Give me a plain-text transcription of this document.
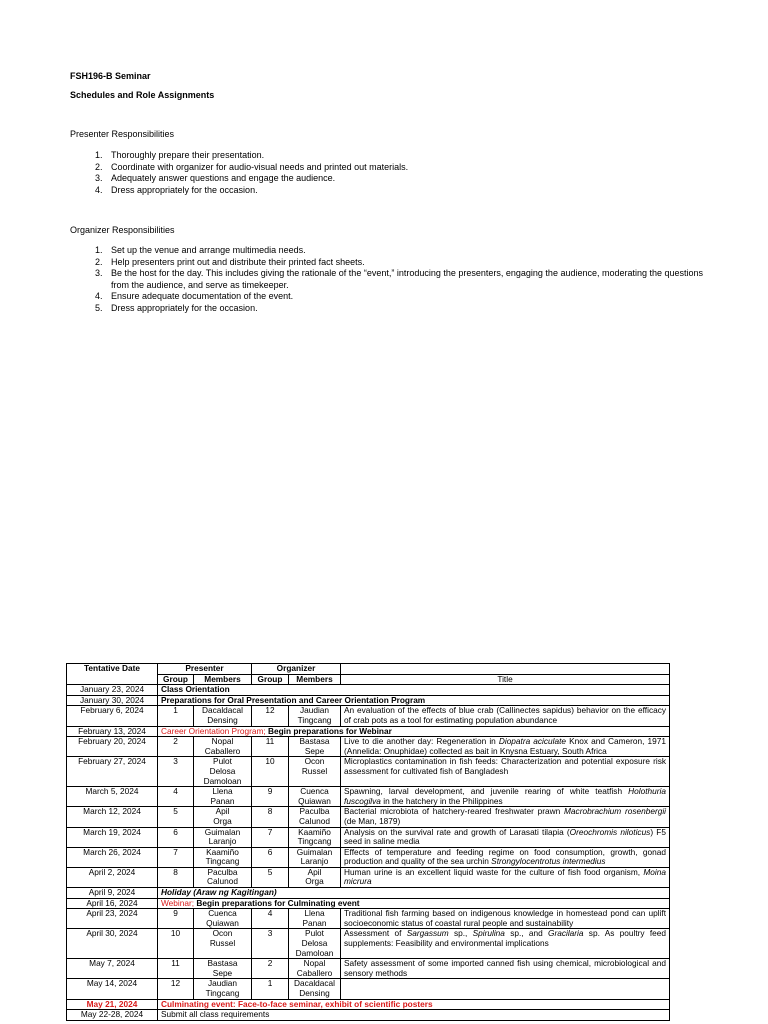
FSH196-B Seminar
Schedules and Role Assignments
Presenter Responsibilities
1. Thoroughly prepare their presentation.
2. Coordinate with organizer for audio-visual needs and printed out materials.
3. Adequately answer questions and engage the audience.
4. Dress appropriately for the occasion.
Organizer Responsibilities
1. Set up the venue and arrange multimedia needs.
2. Help presenters print out and distribute their printed fact sheets.
3. Be the host for the day. This includes giving the rationale of the “event,” introducing the presenters, engaging the audience, moderating the questions from the audience, and serve as timekeeper.
4. Ensure adequate documentation of the event.
5. Dress appropriately for the occasion.
Tentative Date	Presenter		Organizer		
	Group	Members	Group	Members	Title
January 23, 2024	Class Orientation				
January 30, 2024	Preparations for Oral Presentation and Career Orientation Program				
February 6, 2024	1	Dacaldacal
Densing	12	Jaudian
Tingcang	An evaluation of the effects of blue crab (Callinectes sapidus) behavior on the efficacy of crab pots as a tool for estimating population abundance
February 13, 2024	Career Orientation Program; Begin preparations for Webinar				
February 20, 2024	2	Nopal
Caballero	11	Bastasa
Sepe	Live to die another day: Regeneration in Diopatra aciculate Knox and Cameron, 1971 (Annelida: Onuphidae) collected as bait in Knysna Estuary, South Africa
February 27, 2024	3	Pulot
Delosa
Damoloan	10	Ocon
Russel	Microplastics contamination in fish feeds: Characterization and potential exposure risk assessment for cultivated fish of Bangladesh
March 5, 2024	4	Llena
Panan	9	Cuenca
Quiawan	Spawning, larval development, and juvenile rearing of white teatfish Holothuria fuscogilva in the hatchery in the Philippines
March 12, 2024	5	Apil
Orga	8	Paculba
Calunod	Bacterial microbiota of hatchery-reared freshwater prawn Macrobrachium rosenbergii (de Man, 1879)
March 19, 2024	6	Guimalan
Laranjo	7	Kaamiño
Tingcang	Analysis on the survival rate and growth of Larasati tilapia (Oreochromis niloticus) F5 seed in saline media
March 26, 2024	7	Kaamiño
Tingcang	6	Guimalan
Laranjo	Effects of temperature and feeding regime on food consumption, growth, gonad production and quality of the sea urchin Strongylocentrotus intermedius
April 2, 2024	8	Paculba
Calunod	5	Apil
Orga	Human urine is an excellent liquid waste for the culture of fish food organism, Moina micrura
April 9, 2024	Holiday (Araw ng Kagitingan)				
April 16, 2024	Webinar; Begin preparations for Culminating event				
April 23, 2024	9	Cuenca
Quiawan	4	Llena
Panan	Traditional fish farming based on indigenous knowledge in homestead pond can uplift socioeconomic status of coastal rural people and sustainability
April 30, 2024	10	Ocon
Russel	3	Pulot
Delosa
Damoloan	Assessment of Sargassum sp., Spirulina sp., and Gracilaria sp. As poultry feed supplements: Feasibility and environmental implications
May 7, 2024	11	Bastasa
Sepe	2	Nopal
Caballero	Safety assessment of some imported canned fish using chemical, microbiological and sensory methods
May 14, 2024	12	Jaudian
Tingcang	1	Dacaldacal
Densing	
May 21, 2024	Culminating event: Face-to-face seminar, exhibit of scientific posters				
May 22-28, 2024	Submit all class requirements				
